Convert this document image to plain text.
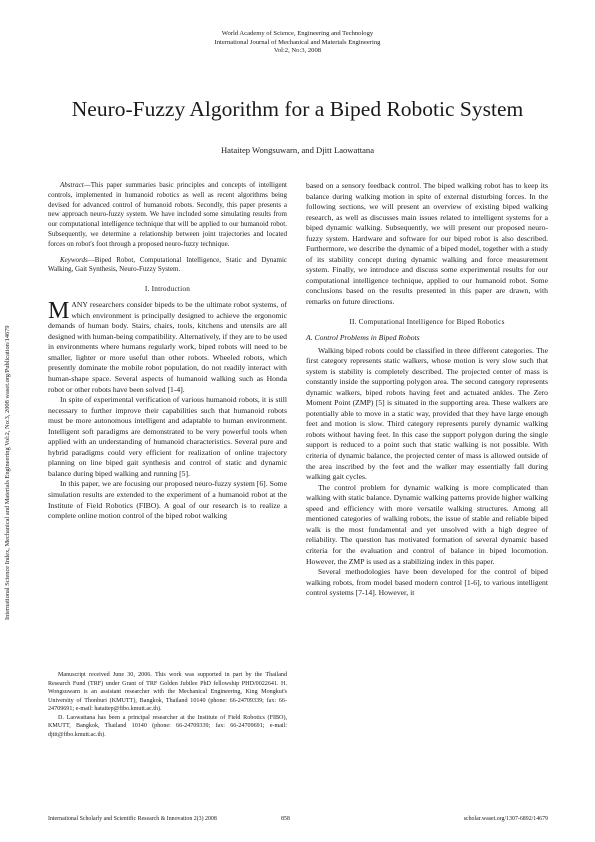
World Academy of Science, Engineering and Technology
International Journal of Mechanical and Materials Engineering
Vol:2, No:3, 2008
Neuro-Fuzzy Algorithm for a Biped Robotic System
Hataitep Wongsuwarn, and Djitt Laowattana
International Science Index, Mechanical and Materials Engineering Vol:2, No:3, 2008 waset.org/Publication/14679

Abstract—This paper summaries basic principles and concepts of intelligent controls, implemented in humanoid robotics as well as recent algorithms being devised for advanced control of humanoid robots. Secondly, this paper presents a new approach neuro-fuzzy system. We have included some simulating results from our computational intelligence technique that will be applied to our humanoid robot. Subsequently, we determine a relationship between joint trajectories and located forces on robot's foot through a proposed neuro-fuzzy technique.

Keywords—Biped Robot, Computational Intelligence, Static and Dynamic Walking, Gait Synthesis, Neuro-Fuzzy System.

I. Introduction

MANY researchers consider bipeds to be the ultimate robot systems, of which environment is principally designed to achieve the ergonomic demands of human body. Stairs, chairs, tools, kitchens and utensils are all designed with human-being compatibility. Alternatively, if they are to be used in environments where humans regularly work, biped robots will need to be smaller, lighter or more useful than other robots. Wheeled robots, which presently dominate the mobile robot population, do not readily interact with human-shape space. Several aspects of humanoid walking such as Honda robot or other robots have been solved [1-4].

In spite of experimental verification of various humanoid robots, it is still necessary to further improve their capabilities such that humanoid robots must be more autonomous intelligent and adaptable to human environment. Intelligent soft paradigms are demonstrated to be very powerful tools when applied with an understanding of humanoid characteristics. Several pure and hybrid paradigms could very efficient for realization of online trajectory planning on line biped gait synthesis and control of static and dynamic balance during biped walking and running [5].

In this paper, we are focusing our proposed neuro-fuzzy system [6]. Some simulation results are extended to the experiment of a humanoid robot at the Institute of Field Robotics (FIBO). A goal of our research is to realize a complete online motion control of the biped robot walking

Manuscript received June 30, 2006. This work was supported in part by the Thailand Research Fund (TRF) under Grant of TRF Golden Jubilee PhD fellowship PHD/0022641. H. Wongsuwarn is an assistant researcher with the Mechanical Engineering, King Mongkut's University of Thonburi (KMUTT), Bangkok, Thailand 10140 (phone: 66-24709339; fax: 66-24709691; e-mail: hataitep@fibo.kmutt.ac.th).

D. Laowattana has been a principal researcher at the Institute of Field Robotics (FIBO), KMUTT, Bangkok, Thailand 10140 (phone: 66-24709339; fax: 66-24709691; e-mail: djitt@fibo.kmutt.ac.th).

based on a sensory feedback control. The biped walking robot has to keep its balance during walking motion in spite of external disturbing forces. In the following sections, we will present an overview of existing biped walking research, as well as discusses main issues related to intelligent systems for a biped dynamic walking. Subsequently, we will present our proposed neuro-fuzzy system. Hardware and software for our biped robot is also described. Furthermore, we describe the dynamic of a biped model, together with a study of its stability concept during dynamic walking and force measurement system. Finally, we introduce and discuss some experimental results for our computational intelligence technique, applied to our humanoid robot. Some conclusions based on the results presented in this paper are drawn, with remarks on future directions.

II. Computational Intelligence for Biped Robotics

A. Control Problems in Biped Robots

Walking biped robots could be classified in three different categories. The first category represents static walkers, whose motion is very slow such that system is stability is completely described. The projected center of mass is constantly inside the supporting polygon area. The second category represents dynamic walkers, biped robots having feet and actuated ankles. The Zero Moment Point (ZMP) [5] is situated in the supporting area. These walkers are potentially able to move in a static way, provided that they have large enough feet and motion is slow. Third category represents purely dynamic walking robots without having feet. In this case the support polygon during the single support is reduced to a point such that static walking is not possible. With criteria of dynamic balance, the projected center of mass is allowed outside of the area inscribed by the feet and the walker may essentially fall during walking gait cycles.

The control problem for dynamic walking is more complicated than walking with static balance. Dynamic walking patterns provide higher walking speed and efficiency with more versatile walking structures. Among all mentioned categories of walking robots, the issue of stable and reliable biped walk is the most fundamental and yet unsolved with a high degree of reliability. The question has motivated formation of several dynamic based criteria for the evaluation and control of balance in biped locomotion. However, the ZMP is used as a stabilizing index in this paper.

Several methodologies have been developed for the control of biped walking robots, from model based modern control [1-6], to various intelligent control systems [7-14]. However, it

International Scholarly and Scientific Research & Innovation 2(3) 2008	858	scholar.waset.org/1307-6892/14679
